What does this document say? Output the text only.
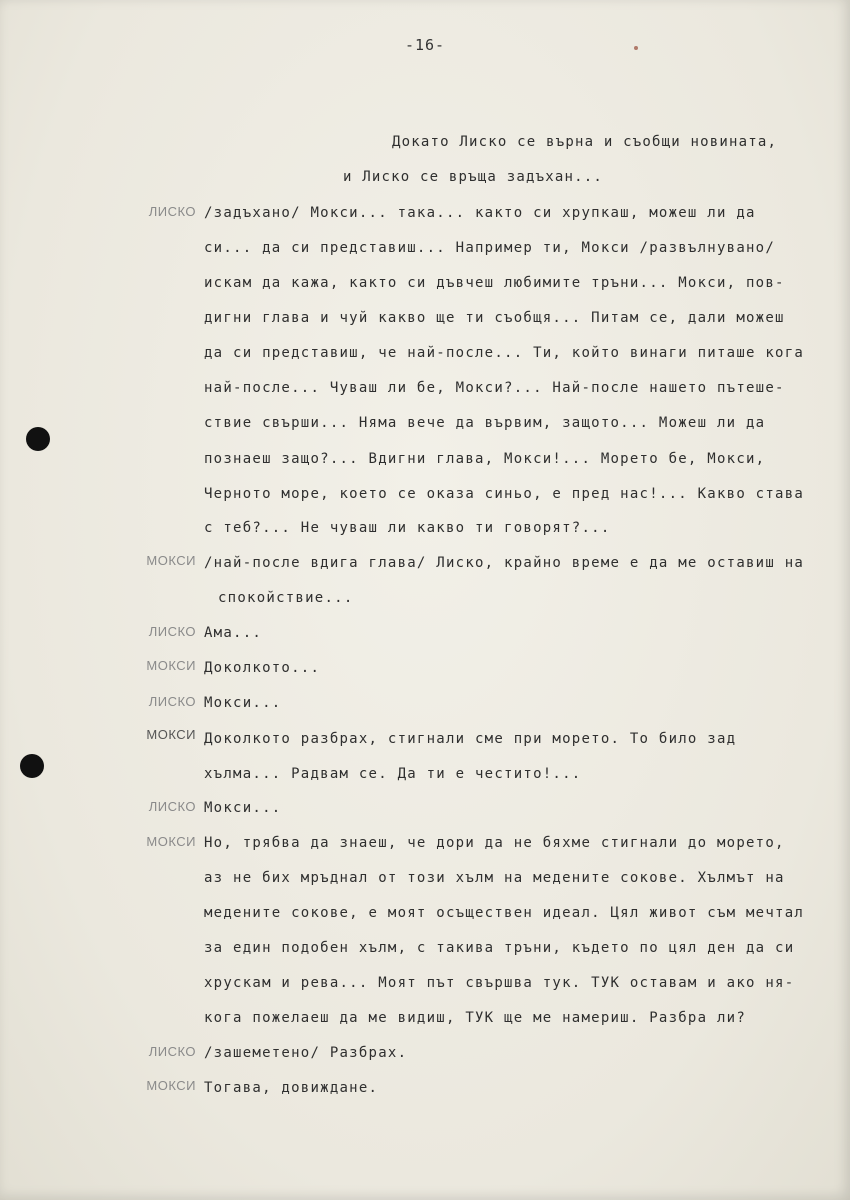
-16-
Докато Лиско се върна и съобщи новината,
и Лиско се връща задъхан...
ЛИСКО /задъхано/ Мокси... така... както си хрупкаш, можеш ли да
си... да си представиш... Например ти, Мокси /развълнувано/
искам да кажа, както си дъвчеш любимите тръни... Мокси, пов-
дигни глава и чуй какво ще ти съобщя... Питам се, дали можеш
да си представиш, че най-после... Ти, който винаги питаше кога
най-после... Чуваш ли бе, Мокси?... Най-после нашето пътеше-
ствие свърши... Няма вече да вървим, защото... Можеш ли да
познаеш защо?... Вдигни глава, Мокси!... Морето бе, Мокси,
Черното море, което се оказа синьо, е пред нас!... Какво става
с теб?... Не чуваш ли какво ти говорят?...
МОКСИ /най-после вдига глава/ Лиско, крайно време е да ме оставиш на
спокойствие...
ЛИСКО Ама...
МОКСИ Доколкото...
ЛИСКО Мокси...
МОКСИ Доколкото разбрах, стигнали сме при морето. То било зад
хълма... Радвам се. Да ти е честито!...
ЛИСКО Мокси...
МОКСИ Но, трябва да знаеш, че дори да не бяхме стигнали до морето,
аз не бих мръднал от този хълм на медените сокове. Хълмът на
медените сокове, е моят осъществен идеал. Цял живот съм мечтал
за един подобен хълм, с такива тръни, където по цял ден да си
хрускам и рева... Моят път свършва тук. ТУК оставам и ако ня-
кога пожелаеш да ме видиш, ТУК ще ме намериш. Разбра ли?
ЛИСКО /зашеметено/ Разбрах.
МОКСИ Тогава, довиждане.
